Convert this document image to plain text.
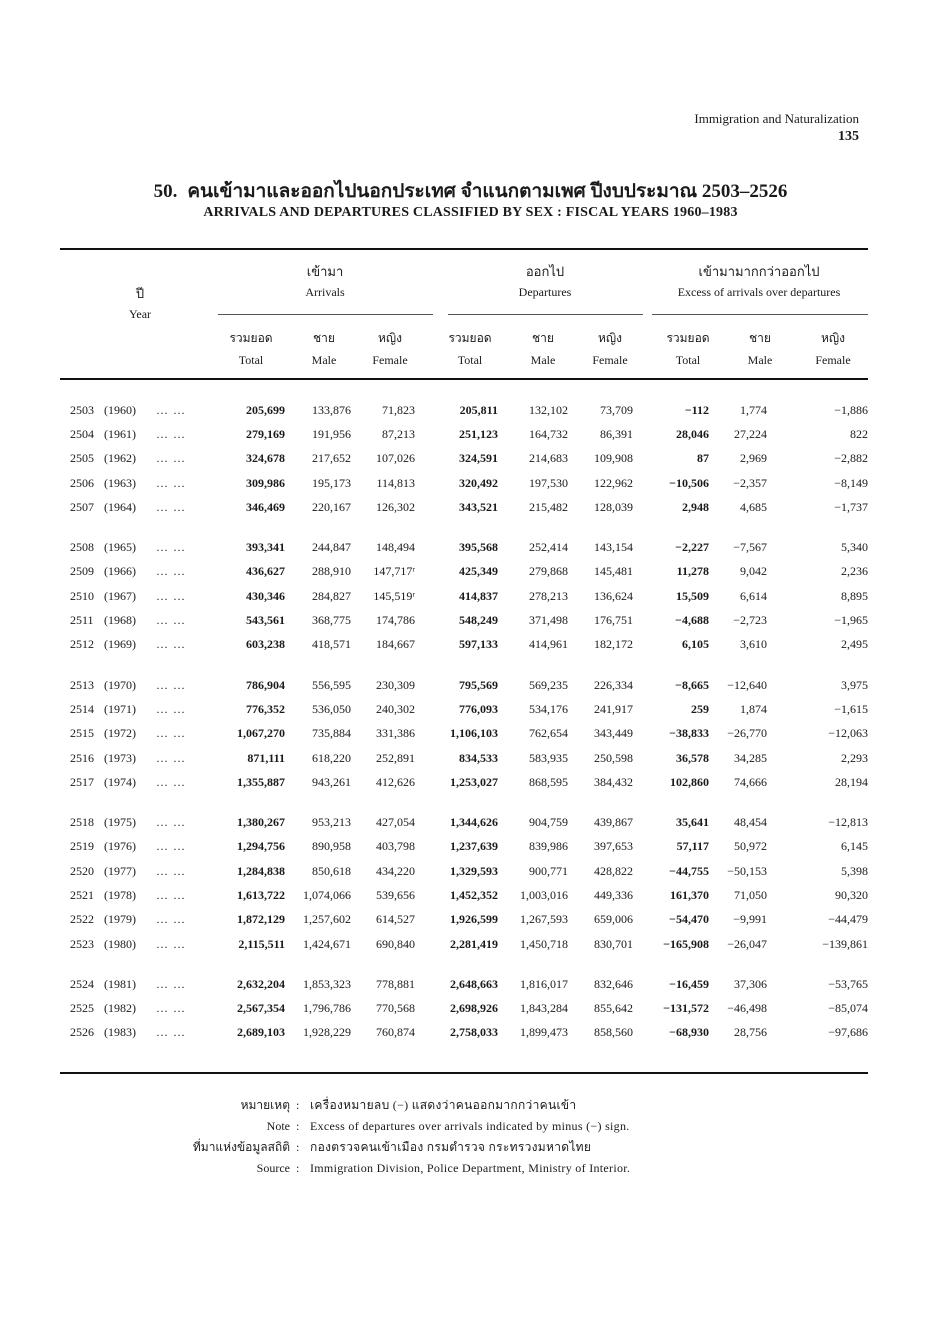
Immigration and Naturalization
135
50. คนเข้ามาและออกไปนอกประเทศ จำแนกตามเพศ ปีงบประมาณ 2503–2526
ARRIVALS AND DEPARTURES CLASSIFIED BY SEX : FISCAL YEARS 1960–1983
ปี
Year
เข้ามา
Arrivals
ออกไป
Departures
เข้ามามากกว่าออกไป
Excess of arrivals over departures
รวมยอด
Total
ชาย
Male
หญิง
Female
รวมยอด
Total
ชาย
Male
หญิง
Female
รวมยอด
Total
ชาย
Male
หญิง
Female
2503	(1960)	… …	205,699	133,876	71,823	205,811	132,102	73,709	−112	1,774	−1,886
2504	(1961)	… …	279,169	191,956	87,213	251,123	164,732	86,391	28,046	27,224	822
2505	(1962)	… …	324,678	217,652	107,026	324,591	214,683	109,908	87	2,969	−2,882
2506	(1963)	… …	309,986	195,173	114,813	320,492	197,530	122,962	−10,506	−2,357	−8,149
2507	(1964)	… …	346,469	220,167	126,302	343,521	215,482	128,039	2,948	4,685	−1,737

2508	(1965)	… …	393,341	244,847	148,494	395,568	252,414	143,154	−2,227	−7,567	5,340
2509	(1966)	… …	436,627	288,910	147,717ʳ	425,349	279,868	145,481	11,278	9,042	2,236
2510	(1967)	… …	430,346	284,827	145,519ʳ	414,837	278,213	136,624	15,509	6,614	8,895
2511	(1968)	… …	543,561	368,775	174,786	548,249	371,498	176,751	−4,688	−2,723	−1,965
2512	(1969)	… …	603,238	418,571	184,667	597,133	414,961	182,172	6,105	3,610	2,495

2513	(1970)	… …	786,904	556,595	230,309	795,569	569,235	226,334	−8,665	−12,640	3,975
2514	(1971)	… …	776,352	536,050	240,302	776,093	534,176	241,917	259	1,874	−1,615
2515	(1972)	… …	1,067,270	735,884	331,386	1,106,103	762,654	343,449	−38,833	−26,770	−12,063
2516	(1973)	… …	871,111	618,220	252,891	834,533	583,935	250,598	36,578	34,285	2,293
2517	(1974)	… …	1,355,887	943,261	412,626	1,253,027	868,595	384,432	102,860	74,666	28,194

2518	(1975)	… …	1,380,267	953,213	427,054	1,344,626	904,759	439,867	35,641	48,454	−12,813
2519	(1976)	… …	1,294,756	890,958	403,798	1,237,639	839,986	397,653	57,117	50,972	6,145
2520	(1977)	… …	1,284,838	850,618	434,220	1,329,593	900,771	428,822	−44,755	−50,153	5,398
2521	(1978)	… …	1,613,722	1,074,066	539,656	1,452,352	1,003,016	449,336	161,370	71,050	90,320
2522	(1979)	… …	1,872,129	1,257,602	614,527	1,926,599	1,267,593	659,006	−54,470	−9,991	−44,479
2523	(1980)	… …	2,115,511	1,424,671	690,840	2,281,419	1,450,718	830,701	−165,908	−26,047	−139,861

2524	(1981)	… …	2,632,204	1,853,323	778,881	2,648,663	1,816,017	832,646	−16,459	37,306	−53,765
2525	(1982)	… …	2,567,354	1,796,786	770,568	2,698,926	1,843,284	855,642	−131,572	−46,498	−85,074
2526	(1983)	… …	2,689,103	1,928,229	760,874	2,758,033	1,899,473	858,560	−68,930	28,756	−97,686
หมายเหตุ : เครื่องหมายลบ (−) แสดงว่าคนออกมากกว่าคนเข้า
Note : Excess of departures over arrivals indicated by minus (−) sign.
ที่มาแห่งข้อมูลสถิติ : กองตรวจคนเข้าเมือง กรมตำรวจ กระทรวงมหาดไทย
Source : Immigration Division, Police Department, Ministry of Interior.
